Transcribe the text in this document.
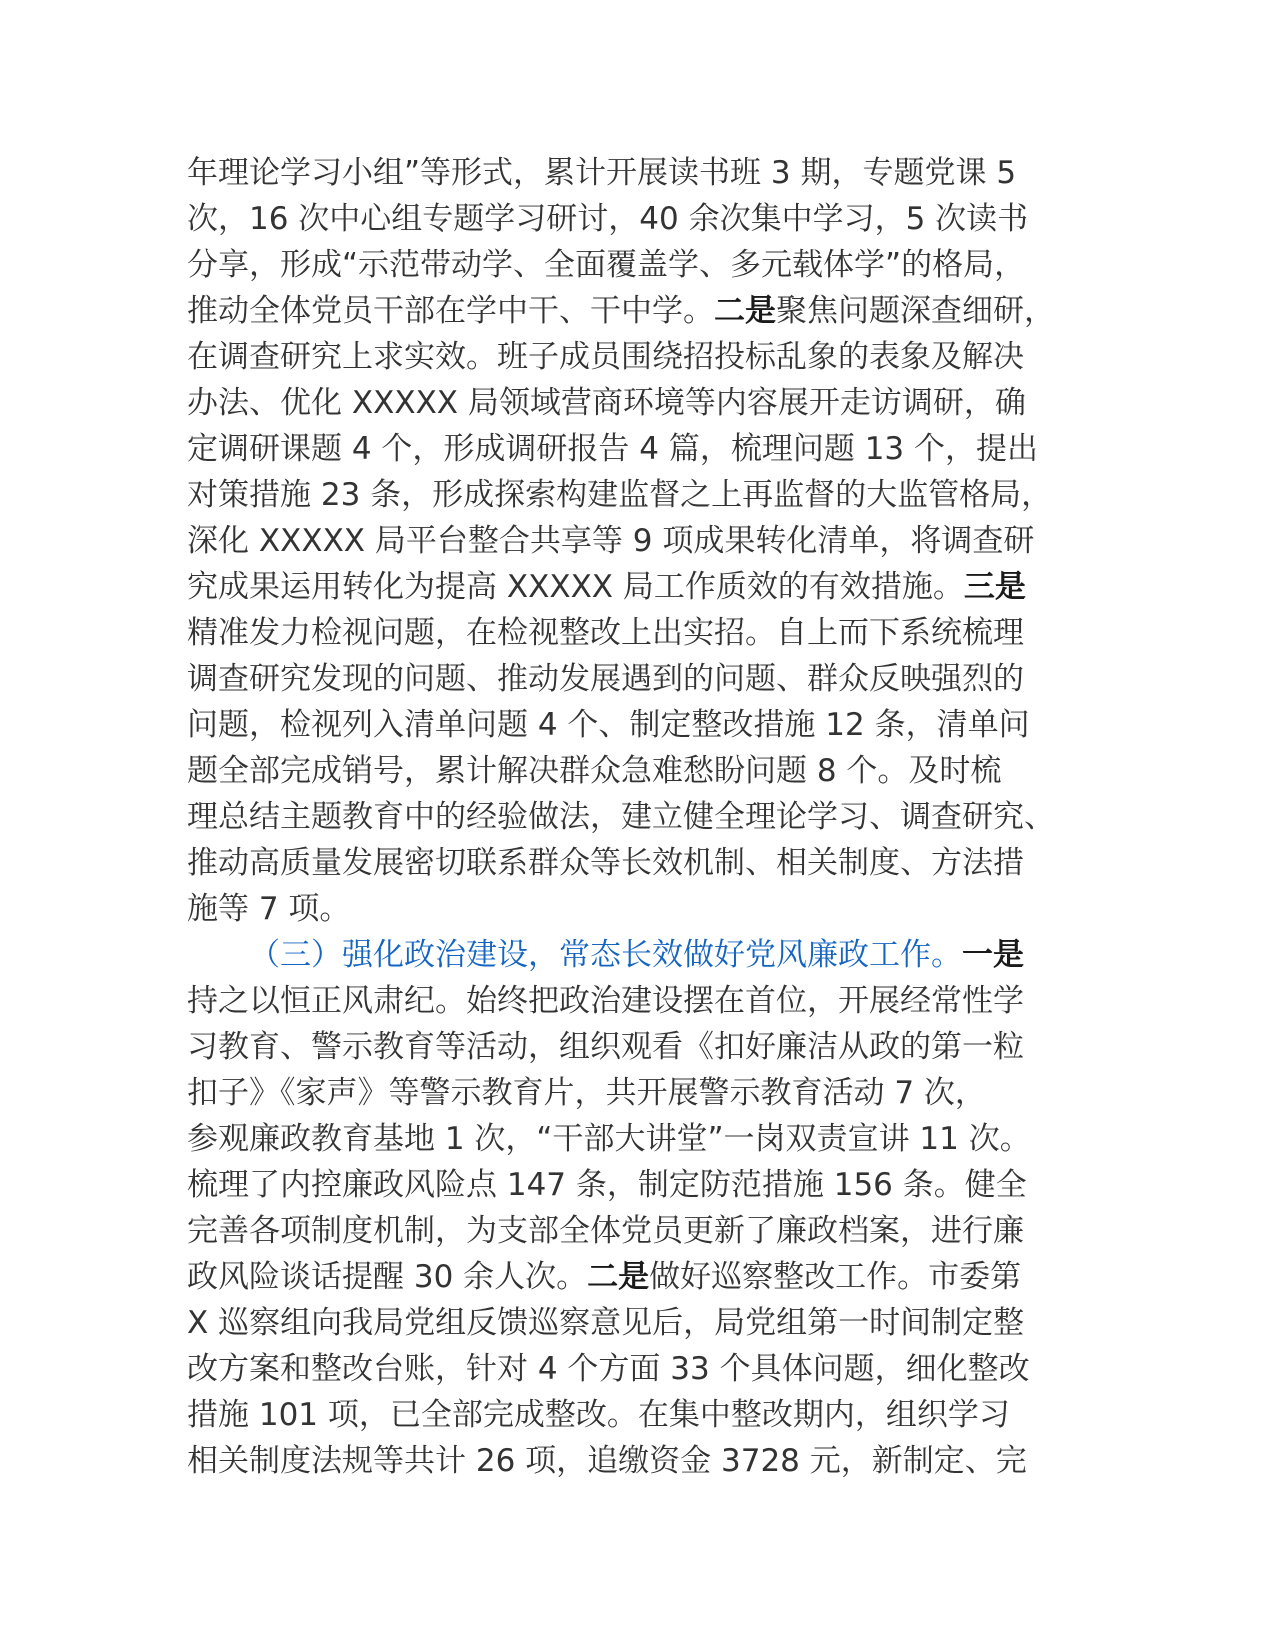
年理论学习小组”等形式，累计开展读书班 3 期，专题党课 5
次，16 次中心组专题学习研讨，40 余次集中学习，5 次读书
分享，形成“示范带动学、全面覆盖学、多元载体学”的格局，
推动全体党员干部在学中干、干中学。二是聚焦问题深查细研，
在调查研究上求实效。班子成员围绕招投标乱象的表象及解决
办法、优化 XXXXX 局领域营商环境等内容展开走访调研，确
定调研课题 4 个，形成调研报告 4 篇，梳理问题 13 个，提出
对策措施 23 条，形成探索构建监督之上再监督的大监管格局，
深化 XXXXX 局平台整合共享等 9 项成果转化清单，将调查研
究成果运用转化为提高 XXXXX 局工作质效的有效措施。三是
精准发力检视问题，在检视整改上出实招。自上而下系统梳理
调查研究发现的问题、推动发展遇到的问题、群众反映强烈的
问题，检视列入清单问题 4 个、制定整改措施 12 条，清单问
题全部完成销号，累计解决群众急难愁盼问题 8 个。及时梳
理总结主题教育中的经验做法，建立健全理论学习、调查研究、
推动高质量发展密切联系群众等长效机制、相关制度、方法措
施等 7 项。
（三）强化政治建设，常态长效做好党风廉政工作。一是
持之以恒正风肃纪。始终把政治建设摆在首位，开展经常性学
习教育、警示教育等活动，组织观看《扣好廉洁从政的第一粒
扣子》《家声》等警示教育片，共开展警示教育活动 7 次，
参观廉政教育基地 1 次，“干部大讲堂”一岗双责宣讲 11 次。
梳理了内控廉政风险点 147 条，制定防范措施 156 条。健全
完善各项制度机制，为支部全体党员更新了廉政档案，进行廉
政风险谈话提醒 30 余人次。二是做好巡察整改工作。市委第
X 巡察组向我局党组反馈巡察意见后，局党组第一时间制定整
改方案和整改台账，针对 4 个方面 33 个具体问题，细化整改
措施 101 项，已全部完成整改。在集中整改期内，组织学习
相关制度法规等共计 26 项，追缴资金 3728 元，新制定、完
